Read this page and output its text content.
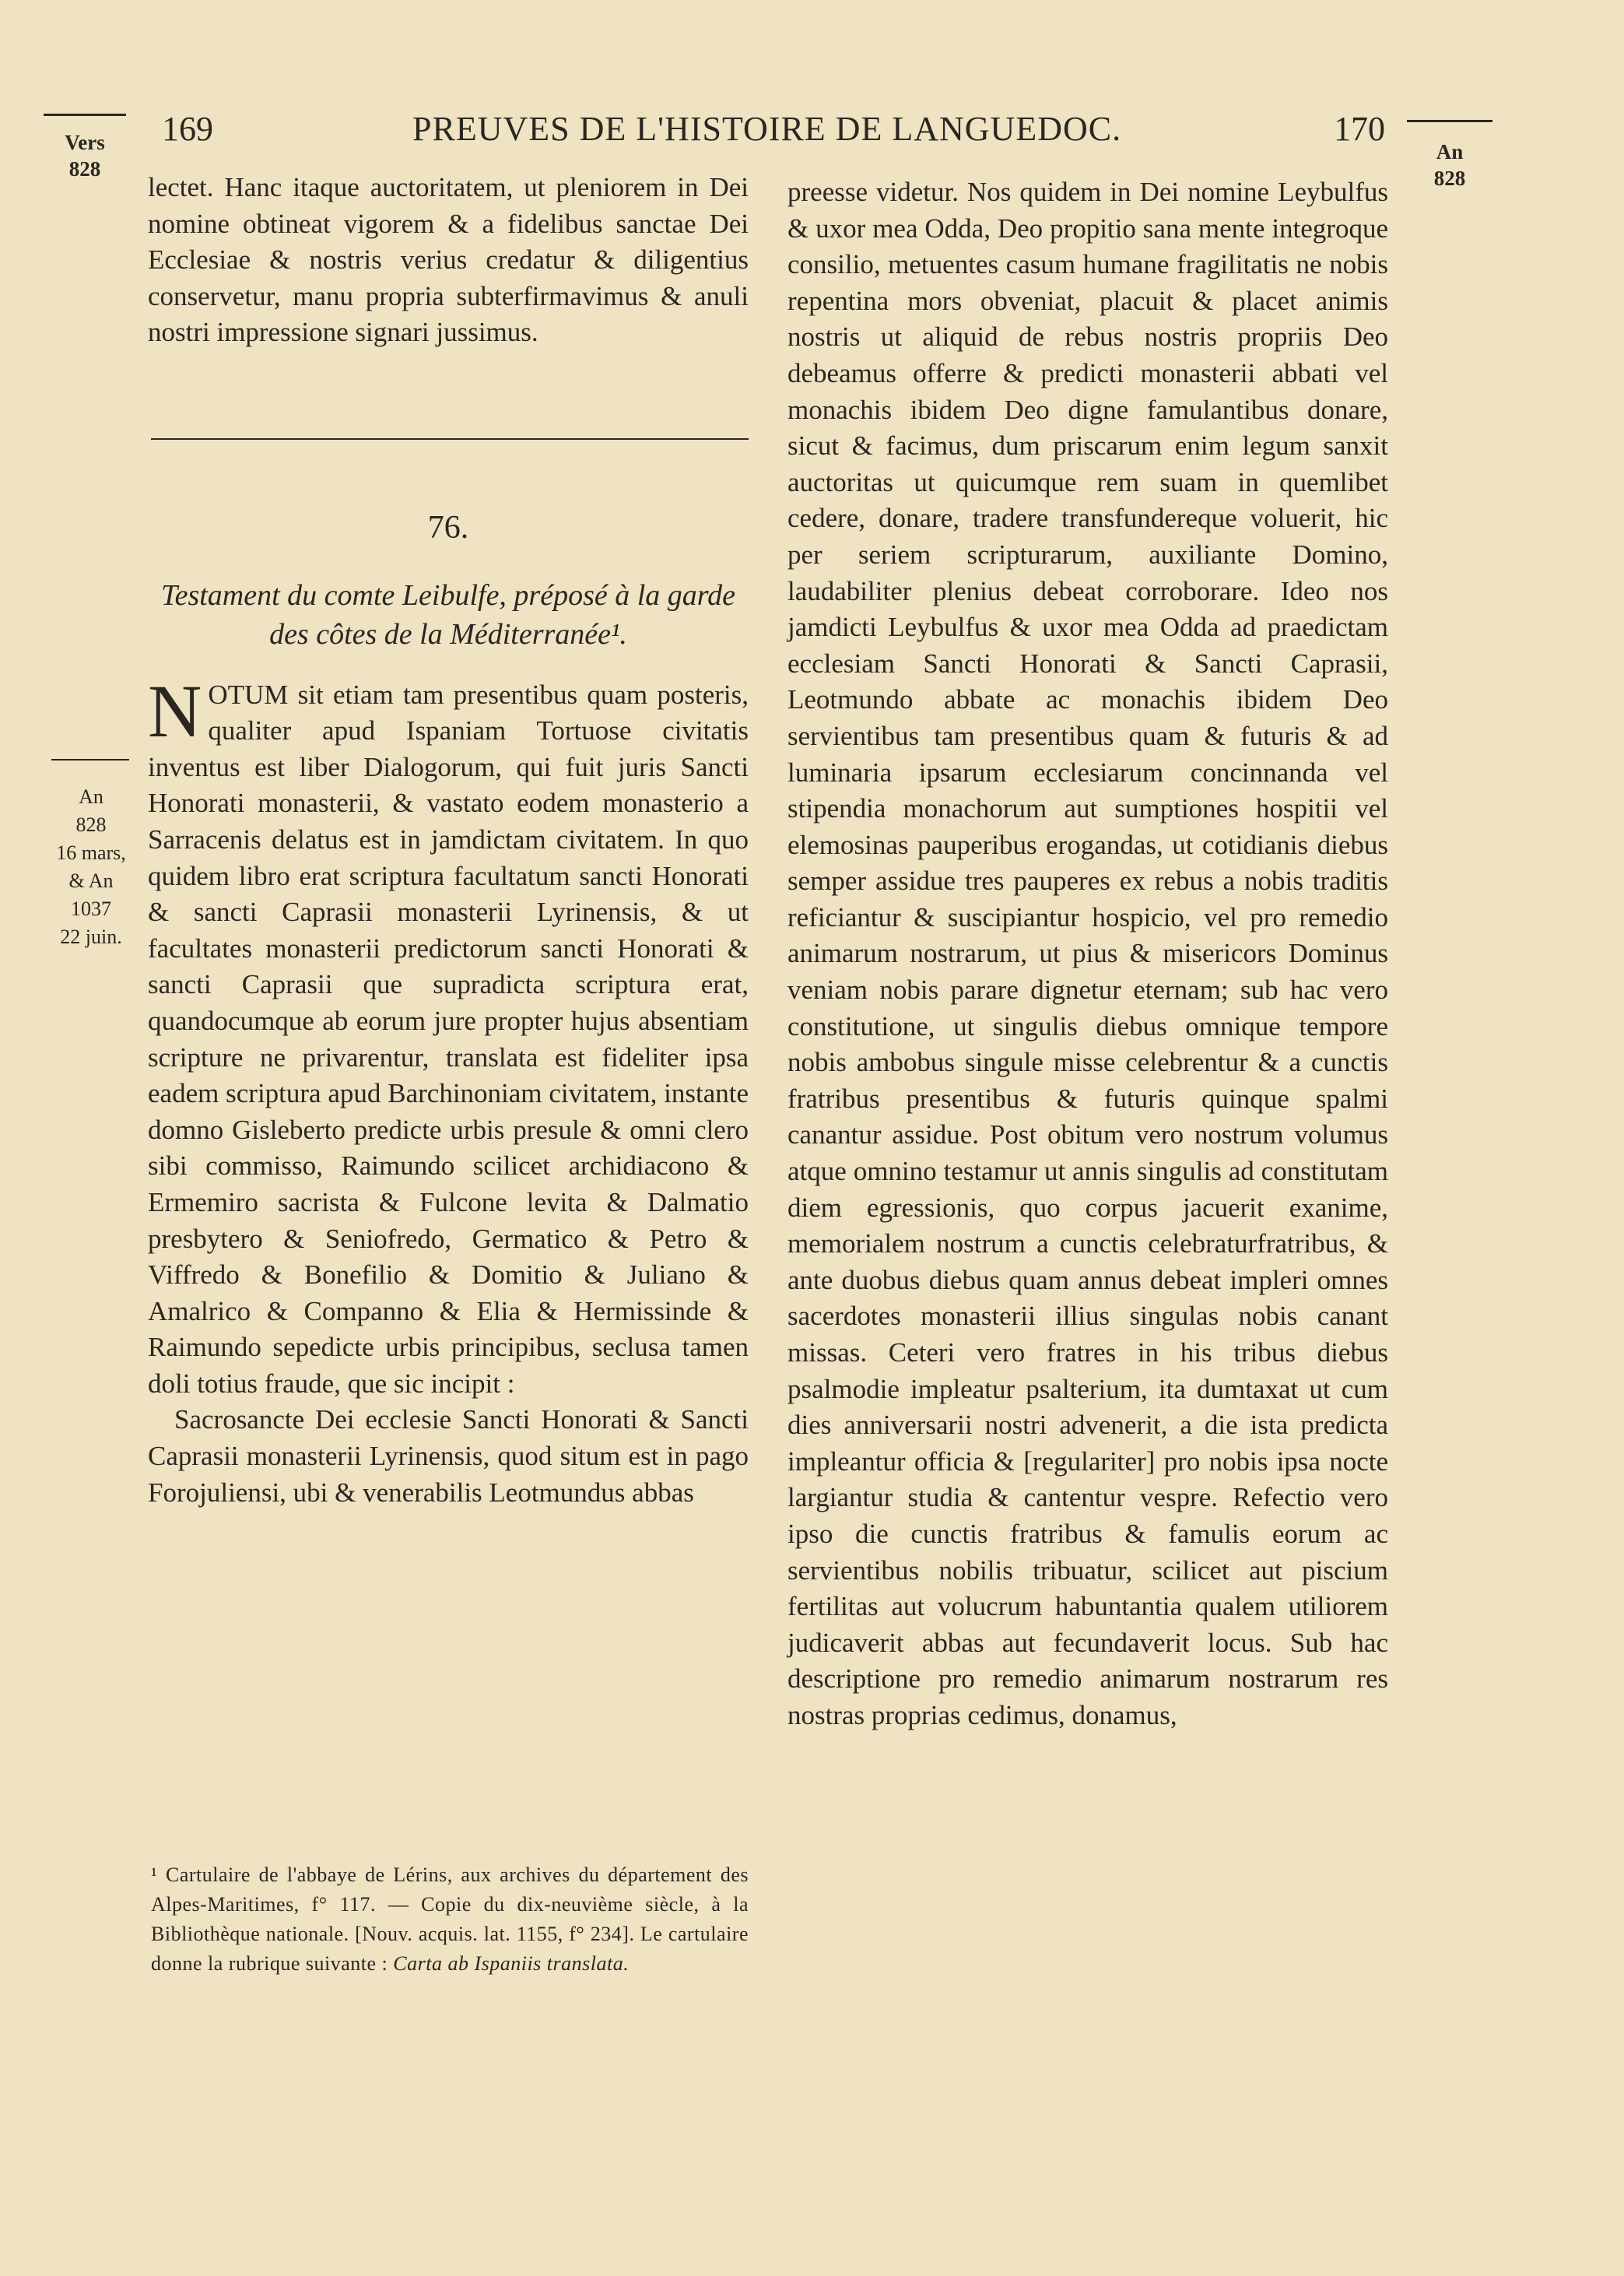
Vers
828
An
828
169	PREUVES DE L'HISTOIRE DE LANGUEDOC.	170
An
828
16 mars,
& An
1037
22 juin.

lectet. Hanc itaque auctoritatem, ut pleniorem in Dei nomine obtineat vigorem & a fidelibus sanctae Dei Ecclesiae & nostris verius credatur & diligentius conservetur, manu propria subterfirmavimus & anuli nostri impressione signari jussimus.

76.

Testament du comte Leibulfe, préposé à la garde des côtes de la Méditerranée¹.

NOTUM sit etiam tam presentibus quam posteris, qualiter apud Ispaniam Tortuose civitatis inventus est liber Dialogorum, qui fuit juris Sancti Honorati monasterii, & vastato eodem monasterio a Sarracenis delatus est in jamdictam civitatem. In quo quidem libro erat scriptura facultatum sancti Honorati & sancti Caprasii monasterii Lyrinensis, & ut facultates monasterii predictorum sancti Honorati & sancti Caprasii que supradicta scriptura erat, quandocumque ab eorum jure propter hujus absentiam scripture ne privarentur, translata est fideliter ipsa eadem scriptura apud Barchinoniam civitatem, instante domno Gisleberto predicte urbis presule & omni clero sibi commisso, Raimundo scilicet archidiacono & Ermemiro sacrista & Fulcone levita & Dalmatio presbytero & Seniofredo, Germatico & Petro & Viffredo & Bonefilio & Domitio & Juliano & Amalrico & Companno & Elia & Hermissinde & Raimundo sepedicte urbis principibus, seclusa tamen doli totius fraude, que sic incipit :

Sacrosancte Dei ecclesie Sancti Honorati & Sancti Caprasii monasterii Lyrinensis, quod situm est in pago Forojuliensi, ubi & venerabilis Leotmundus abbas

¹ Cartulaire de l'abbaye de Lérins, aux archives du département des Alpes-Maritimes, f° 117. — Copie du dix-neuvième siècle, à la Bibliothèque nationale. [Nouv. acquis. lat. 1155, f° 234]. Le cartulaire donne la rubrique suivante : Carta ab Ispaniis translata.

preesse videtur. Nos quidem in Dei nomine Leybulfus & uxor mea Odda, Deo propitio sana mente integroque consilio, metuentes casum humane fragilitatis ne nobis repentina mors obveniat, placuit & placet animis nostris ut aliquid de rebus nostris propriis Deo debeamus offerre & predicti monasterii abbati vel monachis ibidem Deo digne famulantibus donare, sicut & facimus, dum priscarum enim legum sanxit auctoritas ut quicumque rem suam in quemlibet cedere, donare, tradere transfundereque voluerit, hic per seriem scripturarum, auxiliante Domino, laudabiliter plenius debeat corroborare. Ideo nos jamdicti Leybulfus & uxor mea Odda ad praedictam ecclesiam Sancti Honorati & Sancti Caprasii, Leotmundo abbate ac monachis ibidem Deo servientibus tam presentibus quam & futuris & ad luminaria ipsarum ecclesiarum concinnanda vel stipendia monachorum aut sumptiones hospitii vel elemosinas pauperibus erogandas, ut cotidianis diebus semper assidue tres pauperes ex rebus a nobis traditis reficiantur & suscipiantur hospicio, vel pro remedio animarum nostrarum, ut pius & misericors Dominus veniam nobis parare dignetur eternam; sub hac vero constitutione, ut singulis diebus omnique tempore nobis ambobus singule misse celebrentur & a cunctis fratribus presentibus & futuris quinque spalmi canantur assidue. Post obitum vero nostrum volumus atque omnino testamur ut annis singulis ad constitutam diem egressionis, quo corpus jacuerit exanime, memorialem nostrum a cunctis celebraturfratribus, & ante duobus diebus quam annus debeat impleri omnes sacerdotes monasterii illius singulas nobis canant missas. Ceteri vero fratres in his tribus diebus psalmodie impleatur psalterium, ita dumtaxat ut cum dies anniversarii nostri advenerit, a die ista predicta impleantur officia & [regulariter] pro nobis ipsa nocte largiantur studia & cantentur vespre. Refectio vero ipso die cunctis fratribus & famulis eorum ac servientibus nobilis tribuatur, scilicet aut piscium fertilitas aut volucrum habuntantia qualem utiliorem judicaverit abbas aut fecundaverit locus. Sub hac descriptione pro remedio animarum nostrarum res nostras proprias cedimus, donamus,
